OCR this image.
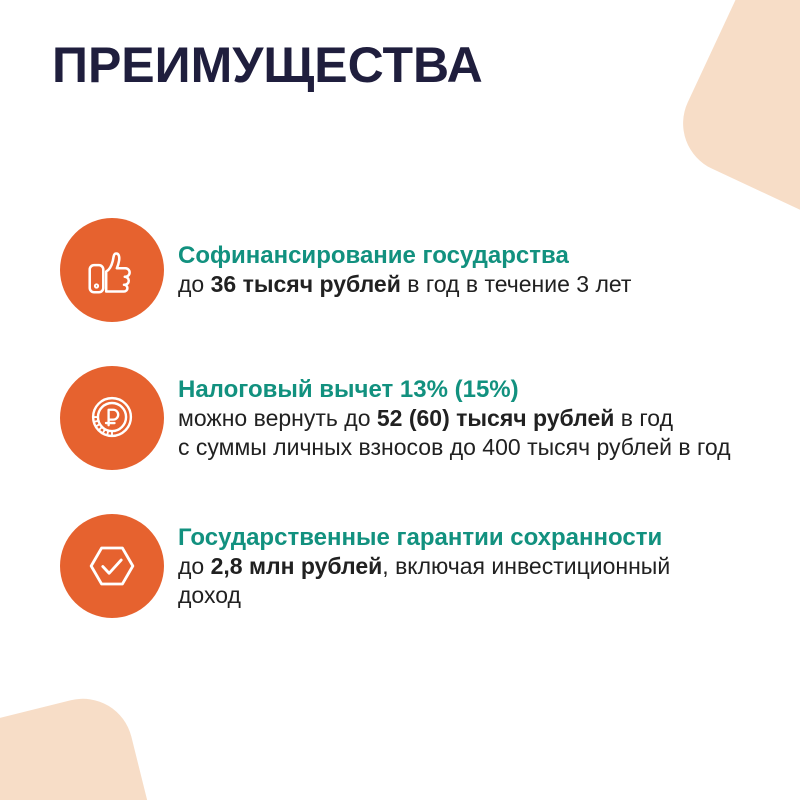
ПРЕИМУЩЕСТВА
Софинансирование государства
до 36 тысяч рублей в год в течение 3 лет
Налоговый вычет 13% (15%)
можно вернуть до 52 (60) тысяч рублей в год
с суммы личных взносов до 400 тысяч рублей в год
Государственные гарантии сохранности
до 2,8 млн рублей, включая инвестиционный
доход
